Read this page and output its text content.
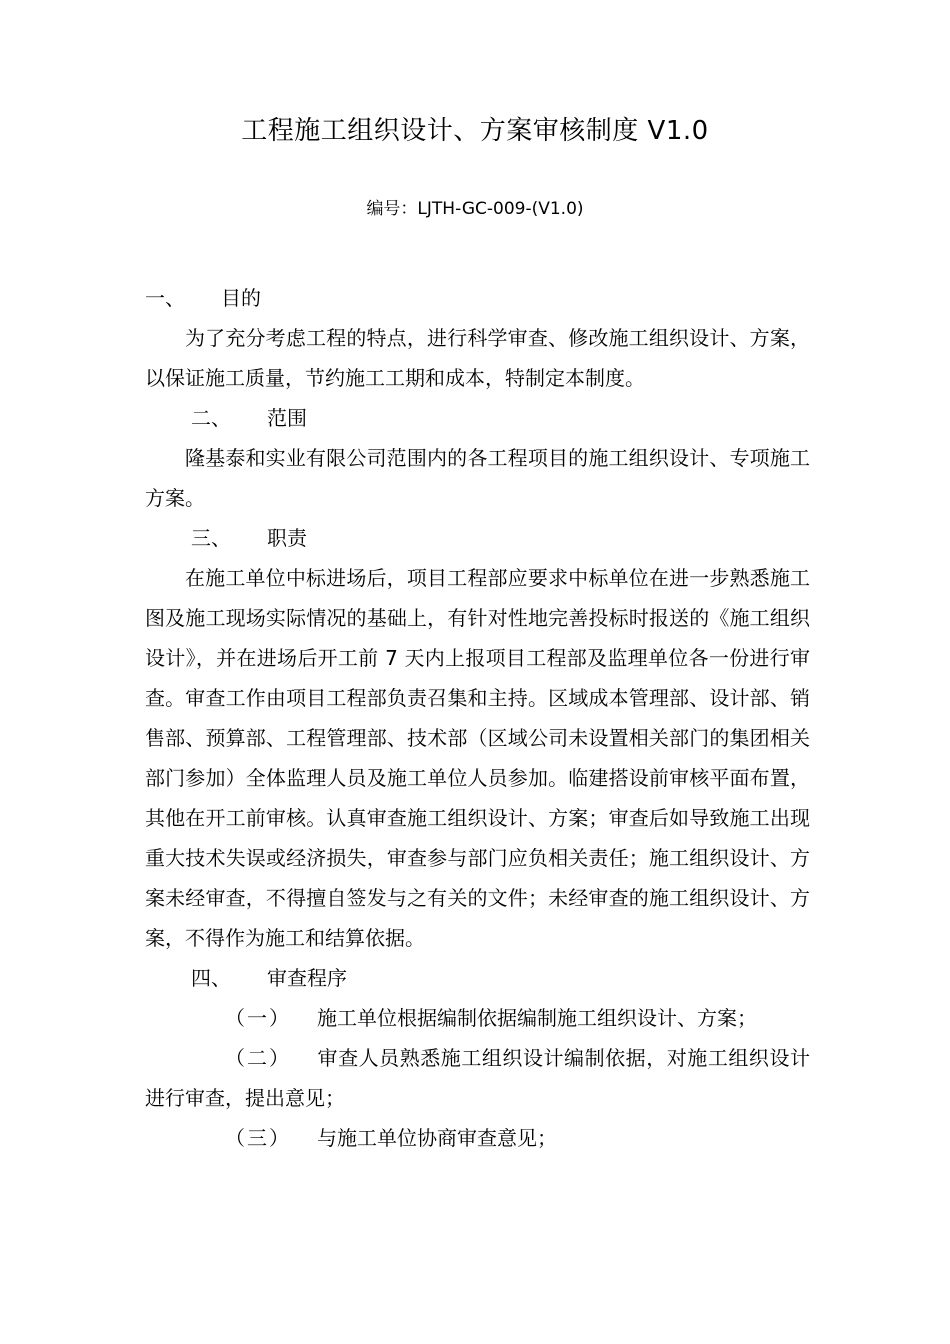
工程施工组织设计、方案审核制度 V1.0
编号：LJTH-GC-009-(V1.0)

一、 目的

为了充分考虑工程的特点，进行科学审查、修改施工组织设计、方案，以保证施工质量，节约施工工期和成本，特制定本制度。

二、 范围

隆基泰和实业有限公司范围内的各工程项目的施工组织设计、专项施工方案。

三、 职责

在施工单位中标进场后，项目工程部应要求中标单位在进一步熟悉施工图及施工现场实际情况的基础上，有针对性地完善投标时报送的《施工组织设计》，并在进场后开工前 7 天内上报项目工程部及监理单位各一份进行审查。审查工作由项目工程部负责召集和主持。区域成本管理部、设计部、销售部、预算部、工程管理部、技术部（区域公司未设置相关部门的集团相关部门参加）全体监理人员及施工单位人员参加。临建搭设前审核平面布置，其他在开工前审核。认真审查施工组织设计、方案；审查后如导致施工出现重大技术失误或经济损失，审查参与部门应负相关责任；施工组织设计、方案未经审查，不得擅自签发与之有关的文件；未经审查的施工组织设计、方案，不得作为施工和结算依据。

四、 审查程序

（一） 施工单位根据编制依据编制施工组织设计、方案；

（二） 审查人员熟悉施工组织设计编制依据，对施工组织设计进行审查，提出意见；

（三） 与施工单位协商审查意见；
